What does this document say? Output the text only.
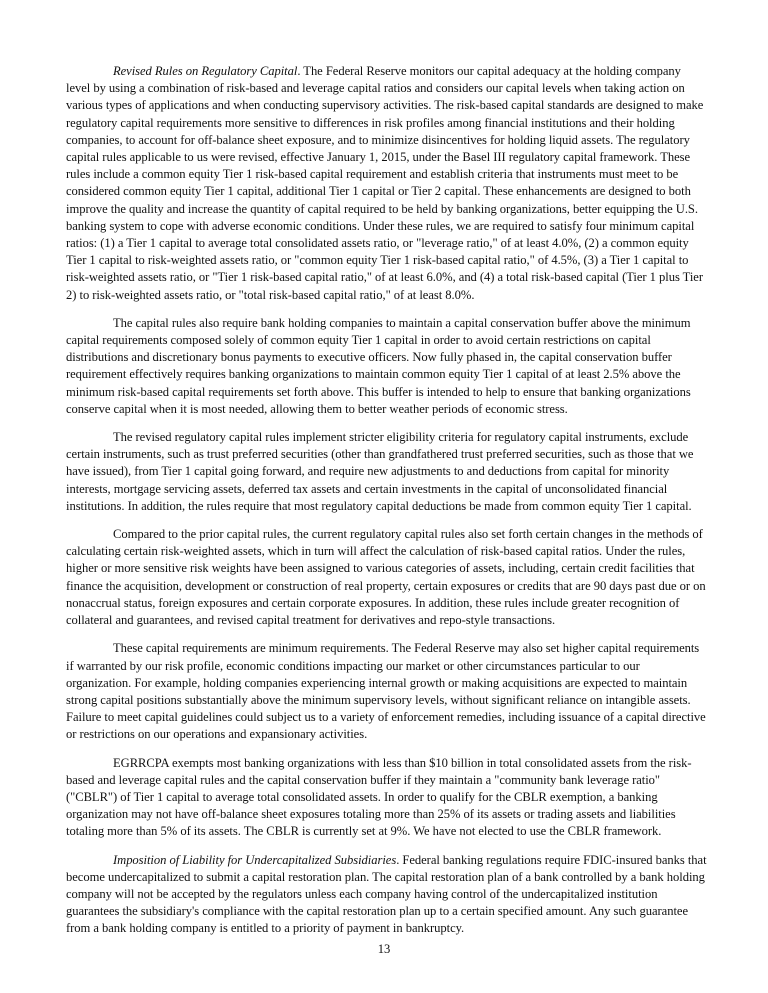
Revised Rules on Regulatory Capital. The Federal Reserve monitors our capital adequacy at the holding company level by using a combination of risk-based and leverage capital ratios and considers our capital levels when taking action on various types of applications and when conducting supervisory activities. The risk-based capital standards are designed to make regulatory capital requirements more sensitive to differences in risk profiles among financial institutions and their holding companies, to account for off-balance sheet exposure, and to minimize disincentives for holding liquid assets. The regulatory capital rules applicable to us were revised, effective January 1, 2015, under the Basel III regulatory capital framework. These rules include a common equity Tier 1 risk-based capital requirement and establish criteria that instruments must meet to be considered common equity Tier 1 capital, additional Tier 1 capital or Tier 2 capital. These enhancements are designed to both improve the quality and increase the quantity of capital required to be held by banking organizations, better equipping the U.S. banking system to cope with adverse economic conditions. Under these rules, we are required to satisfy four minimum capital ratios: (1) a Tier 1 capital to average total consolidated assets ratio, or "leverage ratio," of at least 4.0%, (2) a common equity Tier 1 capital to risk-weighted assets ratio, or "common equity Tier 1 risk-based capital ratio," of 4.5%, (3) a Tier 1 capital to risk-weighted assets ratio, or "Tier 1 risk-based capital ratio," of at least 6.0%, and (4) a total risk-based capital (Tier 1 plus Tier 2) to risk-weighted assets ratio, or "total risk-based capital ratio," of at least 8.0%.

The capital rules also require bank holding companies to maintain a capital conservation buffer above the minimum capital requirements composed solely of common equity Tier 1 capital in order to avoid certain restrictions on capital distributions and discretionary bonus payments to executive officers. Now fully phased in, the capital conservation buffer requirement effectively requires banking organizations to maintain common equity Tier 1 capital of at least 2.5% above the minimum risk-based capital requirements set forth above. This buffer is intended to help to ensure that banking organizations conserve capital when it is most needed, allowing them to better weather periods of economic stress.

The revised regulatory capital rules implement stricter eligibility criteria for regulatory capital instruments, exclude certain instruments, such as trust preferred securities (other than grandfathered trust preferred securities, such as those that we have issued), from Tier 1 capital going forward, and require new adjustments to and deductions from capital for minority interests, mortgage servicing assets, deferred tax assets and certain investments in the capital of unconsolidated financial institutions. In addition, the rules require that most regulatory capital deductions be made from common equity Tier 1 capital.

Compared to the prior capital rules, the current regulatory capital rules also set forth certain changes in the methods of calculating certain risk-weighted assets, which in turn will affect the calculation of risk-based capital ratios. Under the rules, higher or more sensitive risk weights have been assigned to various categories of assets, including, certain credit facilities that finance the acquisition, development or construction of real property, certain exposures or credits that are 90 days past due or on nonaccrual status, foreign exposures and certain corporate exposures. In addition, these rules include greater recognition of collateral and guarantees, and revised capital treatment for derivatives and repo-style transactions.

These capital requirements are minimum requirements. The Federal Reserve may also set higher capital requirements if warranted by our risk profile, economic conditions impacting our market or other circumstances particular to our organization. For example, holding companies experiencing internal growth or making acquisitions are expected to maintain strong capital positions substantially above the minimum supervisory levels, without significant reliance on intangible assets. Failure to meet capital guidelines could subject us to a variety of enforcement remedies, including issuance of a capital directive or restrictions on our operations and expansionary activities.

EGRRCPA exempts most banking organizations with less than $10 billion in total consolidated assets from the risk-based and leverage capital rules and the capital conservation buffer if they maintain a "community bank leverage ratio" ("CBLR") of Tier 1 capital to average total consolidated assets. In order to qualify for the CBLR exemption, a banking organization may not have off-balance sheet exposures totaling more than 25% of its assets or trading assets and liabilities totaling more than 5% of its assets. The CBLR is currently set at 9%. We have not elected to use the CBLR framework.

Imposition of Liability for Undercapitalized Subsidiaries. Federal banking regulations require FDIC-insured banks that become undercapitalized to submit a capital restoration plan. The capital restoration plan of a bank controlled by a bank holding company will not be accepted by the regulators unless each company having control of the undercapitalized institution guarantees the subsidiary's compliance with the capital restoration plan up to a certain specified amount. Any such guarantee from a bank holding company is entitled to a priority of payment in bankruptcy.

13
